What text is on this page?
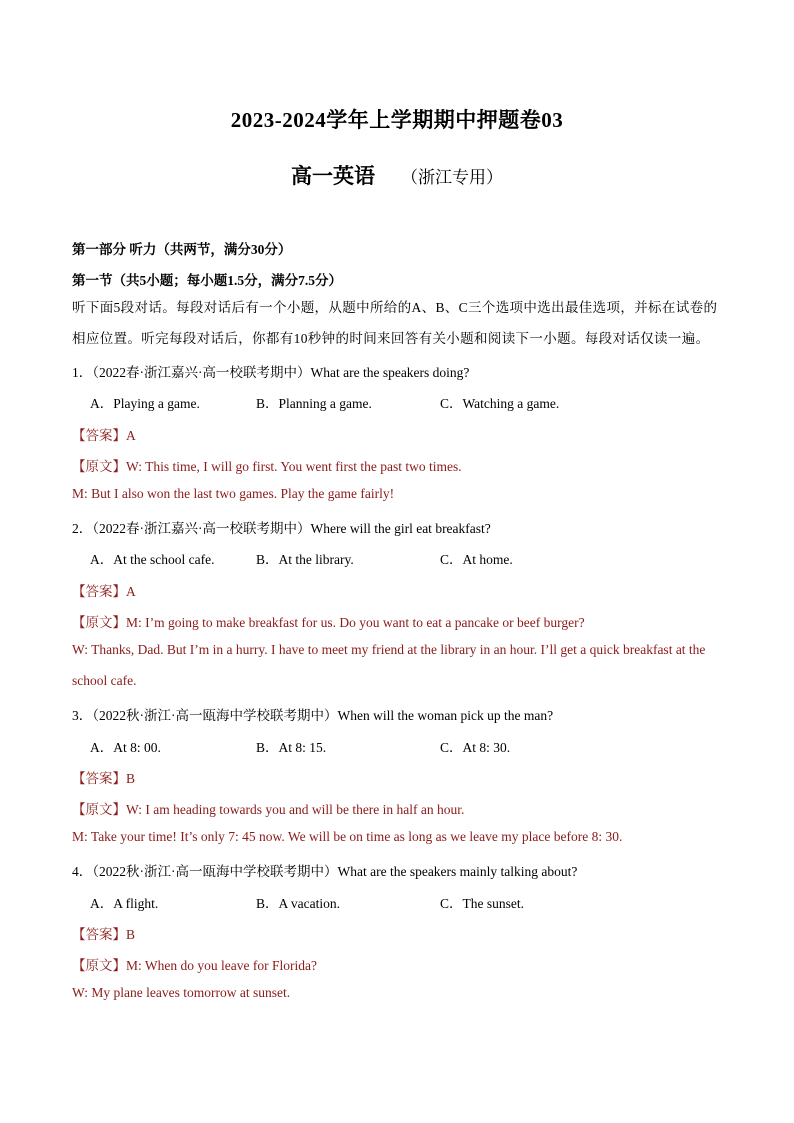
2023-2024学年上学期期中押题卷03
高一英语 （浙江专用）
第一部分 听力（共两节，满分30分）
第一节（共5小题；每小题1.5分，满分7.5分）
听下面5段对话。每段对话后有一个小题，从题中所给的A、B、C三个选项中选出最佳选项，并标在试卷的相应位置。听完每段对话后，你都有10秒钟的时间来回答有关小题和阅读下一小题。每段对话仅读一遍。
1．（2022春·浙江嘉兴·高一校联考期中）What are the speakers doing?
A．Playing a game.	B．Planning a game.	C．Watching a game.
【答案】A
【原文】W: This time, I will go first. You went first the past two times.
M: But I also won the last two games. Play the game fairly!
2．（2022春·浙江嘉兴·高一校联考期中）Where will the girl eat breakfast?
A．At the school cafe.	B．At the library.	C．At home.
【答案】A
【原文】M: I’m going to make breakfast for us. Do you want to eat a pancake or beef burger?
W: Thanks, Dad. But I’m in a hurry. I have to meet my friend at the library in an hour. I’ll get a quick breakfast at the school cafe.
3．（2022秋·浙江·高一瓯海中学校联考期中）When will the woman pick up the man?
A．At 8: 00.	B．At 8: 15.	C．At 8: 30.
【答案】B
【原文】W: I am heading towards you and will be there in half an hour.
M: Take your time! It’s only 7: 45 now. We will be on time as long as we leave my place before 8: 30.
4．（2022秋·浙江·高一瓯海中学校联考期中）What are the speakers mainly talking about?
A．A flight.	B．A vacation.	C．The sunset.
【答案】B
【原文】M: When do you leave for Florida?
W: My plane leaves tomorrow at sunset.
